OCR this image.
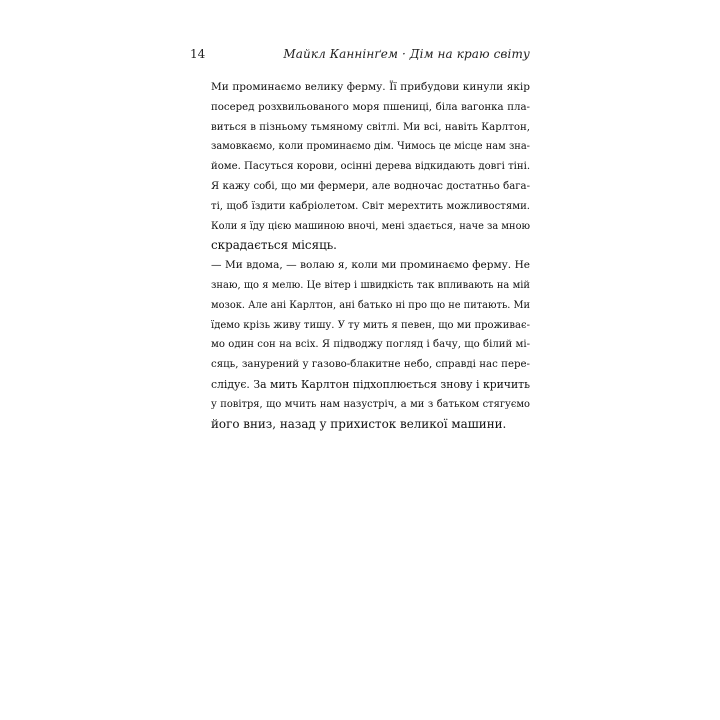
14	Майкл Каннінґем · Дім на краю світу

Ми проминаємо велику ферму. Її прибудови кинули якір
посеред розхвильованого моря пшениці, біла вагонка пла-
виться в пізньому тьмяному світлі. Ми всі, навіть Карлтон,
замовкаємо, коли проминаємо дім. Чимось це місце нам зна-
йоме. Пасуться корови, осінні дерева відкидають довгі тіні.
Я кажу собі, що ми фермери, але водночас достатньо бага-
ті, щоб їздити кабріолетом. Світ мерехтить можливостями.
Коли я їду цією машиною вночі, мені здається, наче за мною
скрадається місяць.

— Ми вдома, — волаю я, коли ми проминаємо ферму. Не
знаю, що я мелю. Це вітер і швидкість так впливають на мій
мозок. Але ані Карлтон, ані батько ні про що не питають. Ми
їдемо крізь живу тишу. У ту мить я певен, що ми проживає-
мо один сон на всіх. Я підводжу погляд і бачу, що білий мі-
сяць, занурений у газово-блакитне небо, справді нас пере-
слідує. За мить Карлтон підхоплюється знову і кричить
у повітря, що мчить нам назустріч, а ми з батьком стягуємо
його вниз, назад у прихисток великої машини.
